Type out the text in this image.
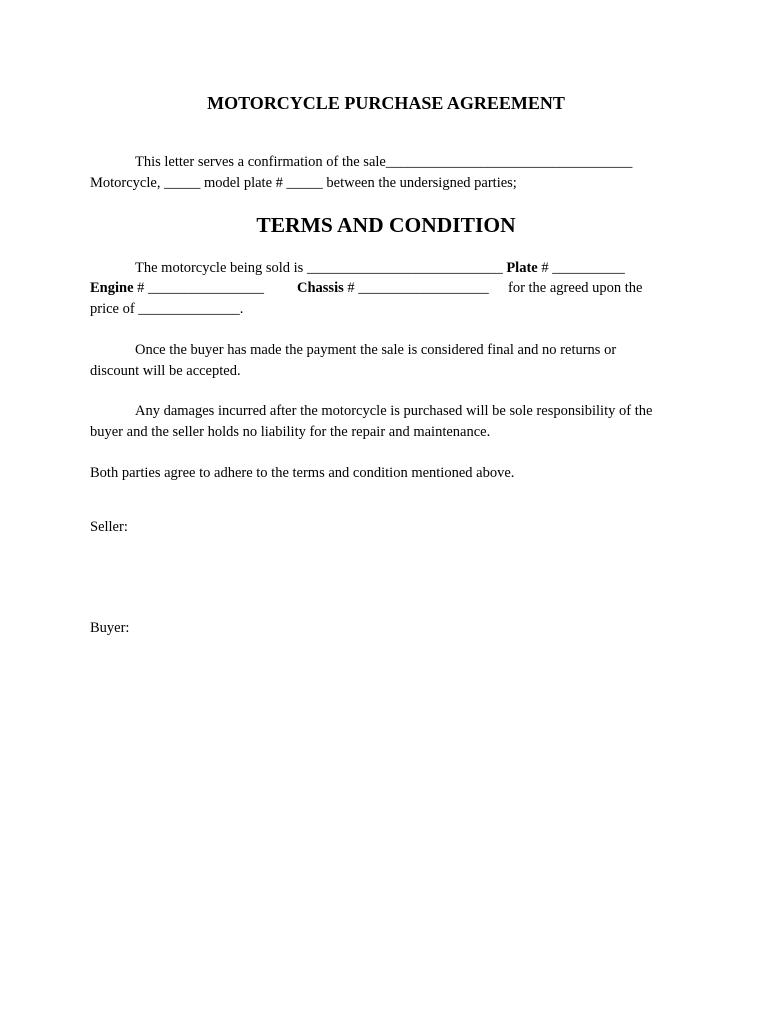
MOTORCYCLE PURCHASE AGREEMENT
This letter serves a confirmation of the sale__________________________________
Motorcycle, _____ model plate # _____ between the undersigned parties;
TERMS AND CONDITION
The motorcycle being sold is ___________________________ Plate # __________
Engine # ________________ Chassis # __________________ for the agreed upon the
price of ______________.
Once the buyer has made the payment the sale is considered final and no returns or
discount will be accepted.
Any damages incurred after the motorcycle is purchased will be sole responsibility of the
buyer and the seller holds no liability for the repair and maintenance.
Both parties agree to adhere to the terms and condition mentioned above.
Seller:
Buyer:
